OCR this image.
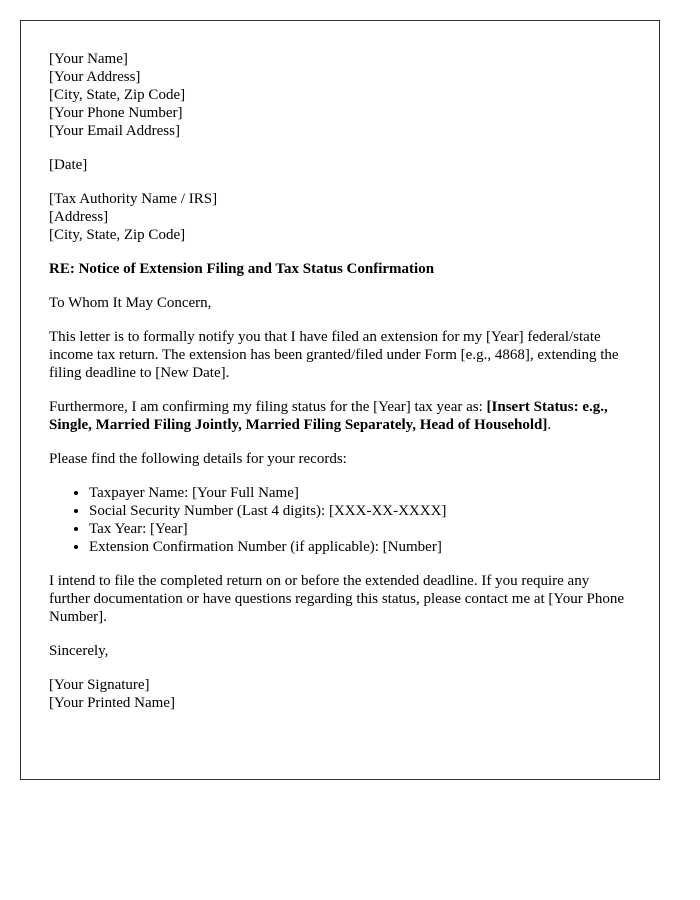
[Your Name]
[Your Address]
[City, State, Zip Code]
[Your Phone Number]
[Your Email Address]
[Date]
[Tax Authority Name / IRS]
[Address]
[City, State, Zip Code]
RE: Notice of Extension Filing and Tax Status Confirmation

To Whom It May Concern,

This letter is to formally notify you that I have filed an extension for my [Year] federal/state income tax return. The extension has been granted/filed under Form [e.g., 4868], extending the filing deadline to [New Date].

Furthermore, I am confirming my filing status for the [Year] tax year as: [Insert Status: e.g., Single, Married Filing Jointly, Married Filing Separately, Head of Household].

Please find the following details for your records:

• Taxpayer Name: [Your Full Name]
• Social Security Number (Last 4 digits): [XXX-XX-XXXX]
• Tax Year: [Year]
• Extension Confirmation Number (if applicable): [Number]

I intend to file the completed return on or before the extended deadline. If you require any further documentation or have questions regarding this status, please contact me at [Your Phone Number].

Sincerely,

[Your Signature]
[Your Printed Name]
